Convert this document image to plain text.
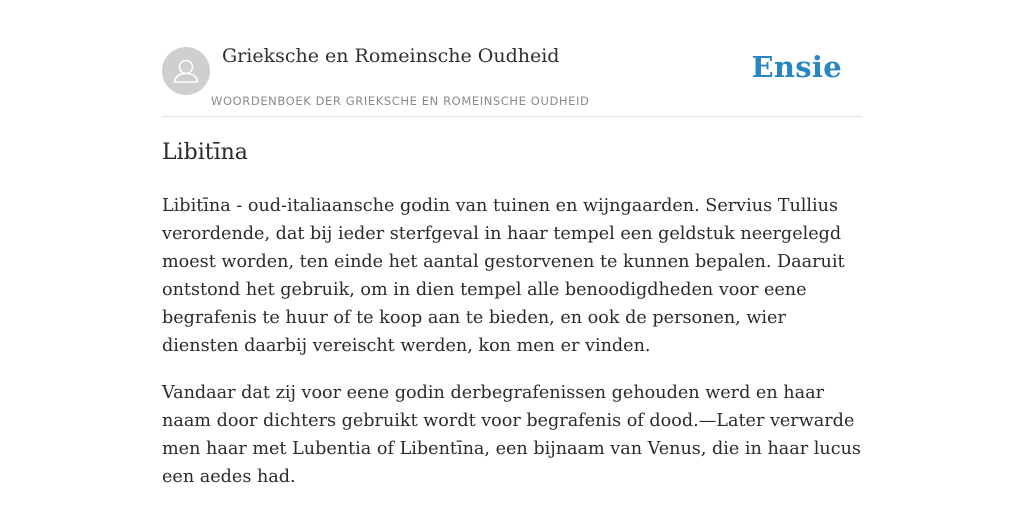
Grieksche en Romeinsche Oudheid
WOORDENBOEK DER GRIEKSCHE EN ROMEINSCHE OUDHEID
Ensie
Libitīna

Libitīna - oud-italiaansche godin van tuinen en wijngaarden. Servius Tullius verordende, dat bij ieder sterfgeval in haar tempel een geldstuk neergelegd moest worden, ten einde het aantal gestorvenen te kunnen bepalen. Daaruit ontstond het gebruik, om in dien tempel alle benoodigdheden voor eene begrafenis te huur of te koop aan te bieden, en ook de personen, wier diensten daarbij vereischt werden, kon men er vinden.

Vandaar dat zij voor eene godin derbegrafenissen gehouden werd en haar naam door dichters gebruikt wordt voor begrafenis of dood.—Later verwarde men haar met Lubentia of Libentīna, een bijnaam van Venus, die in haar lucus een aedes had.
